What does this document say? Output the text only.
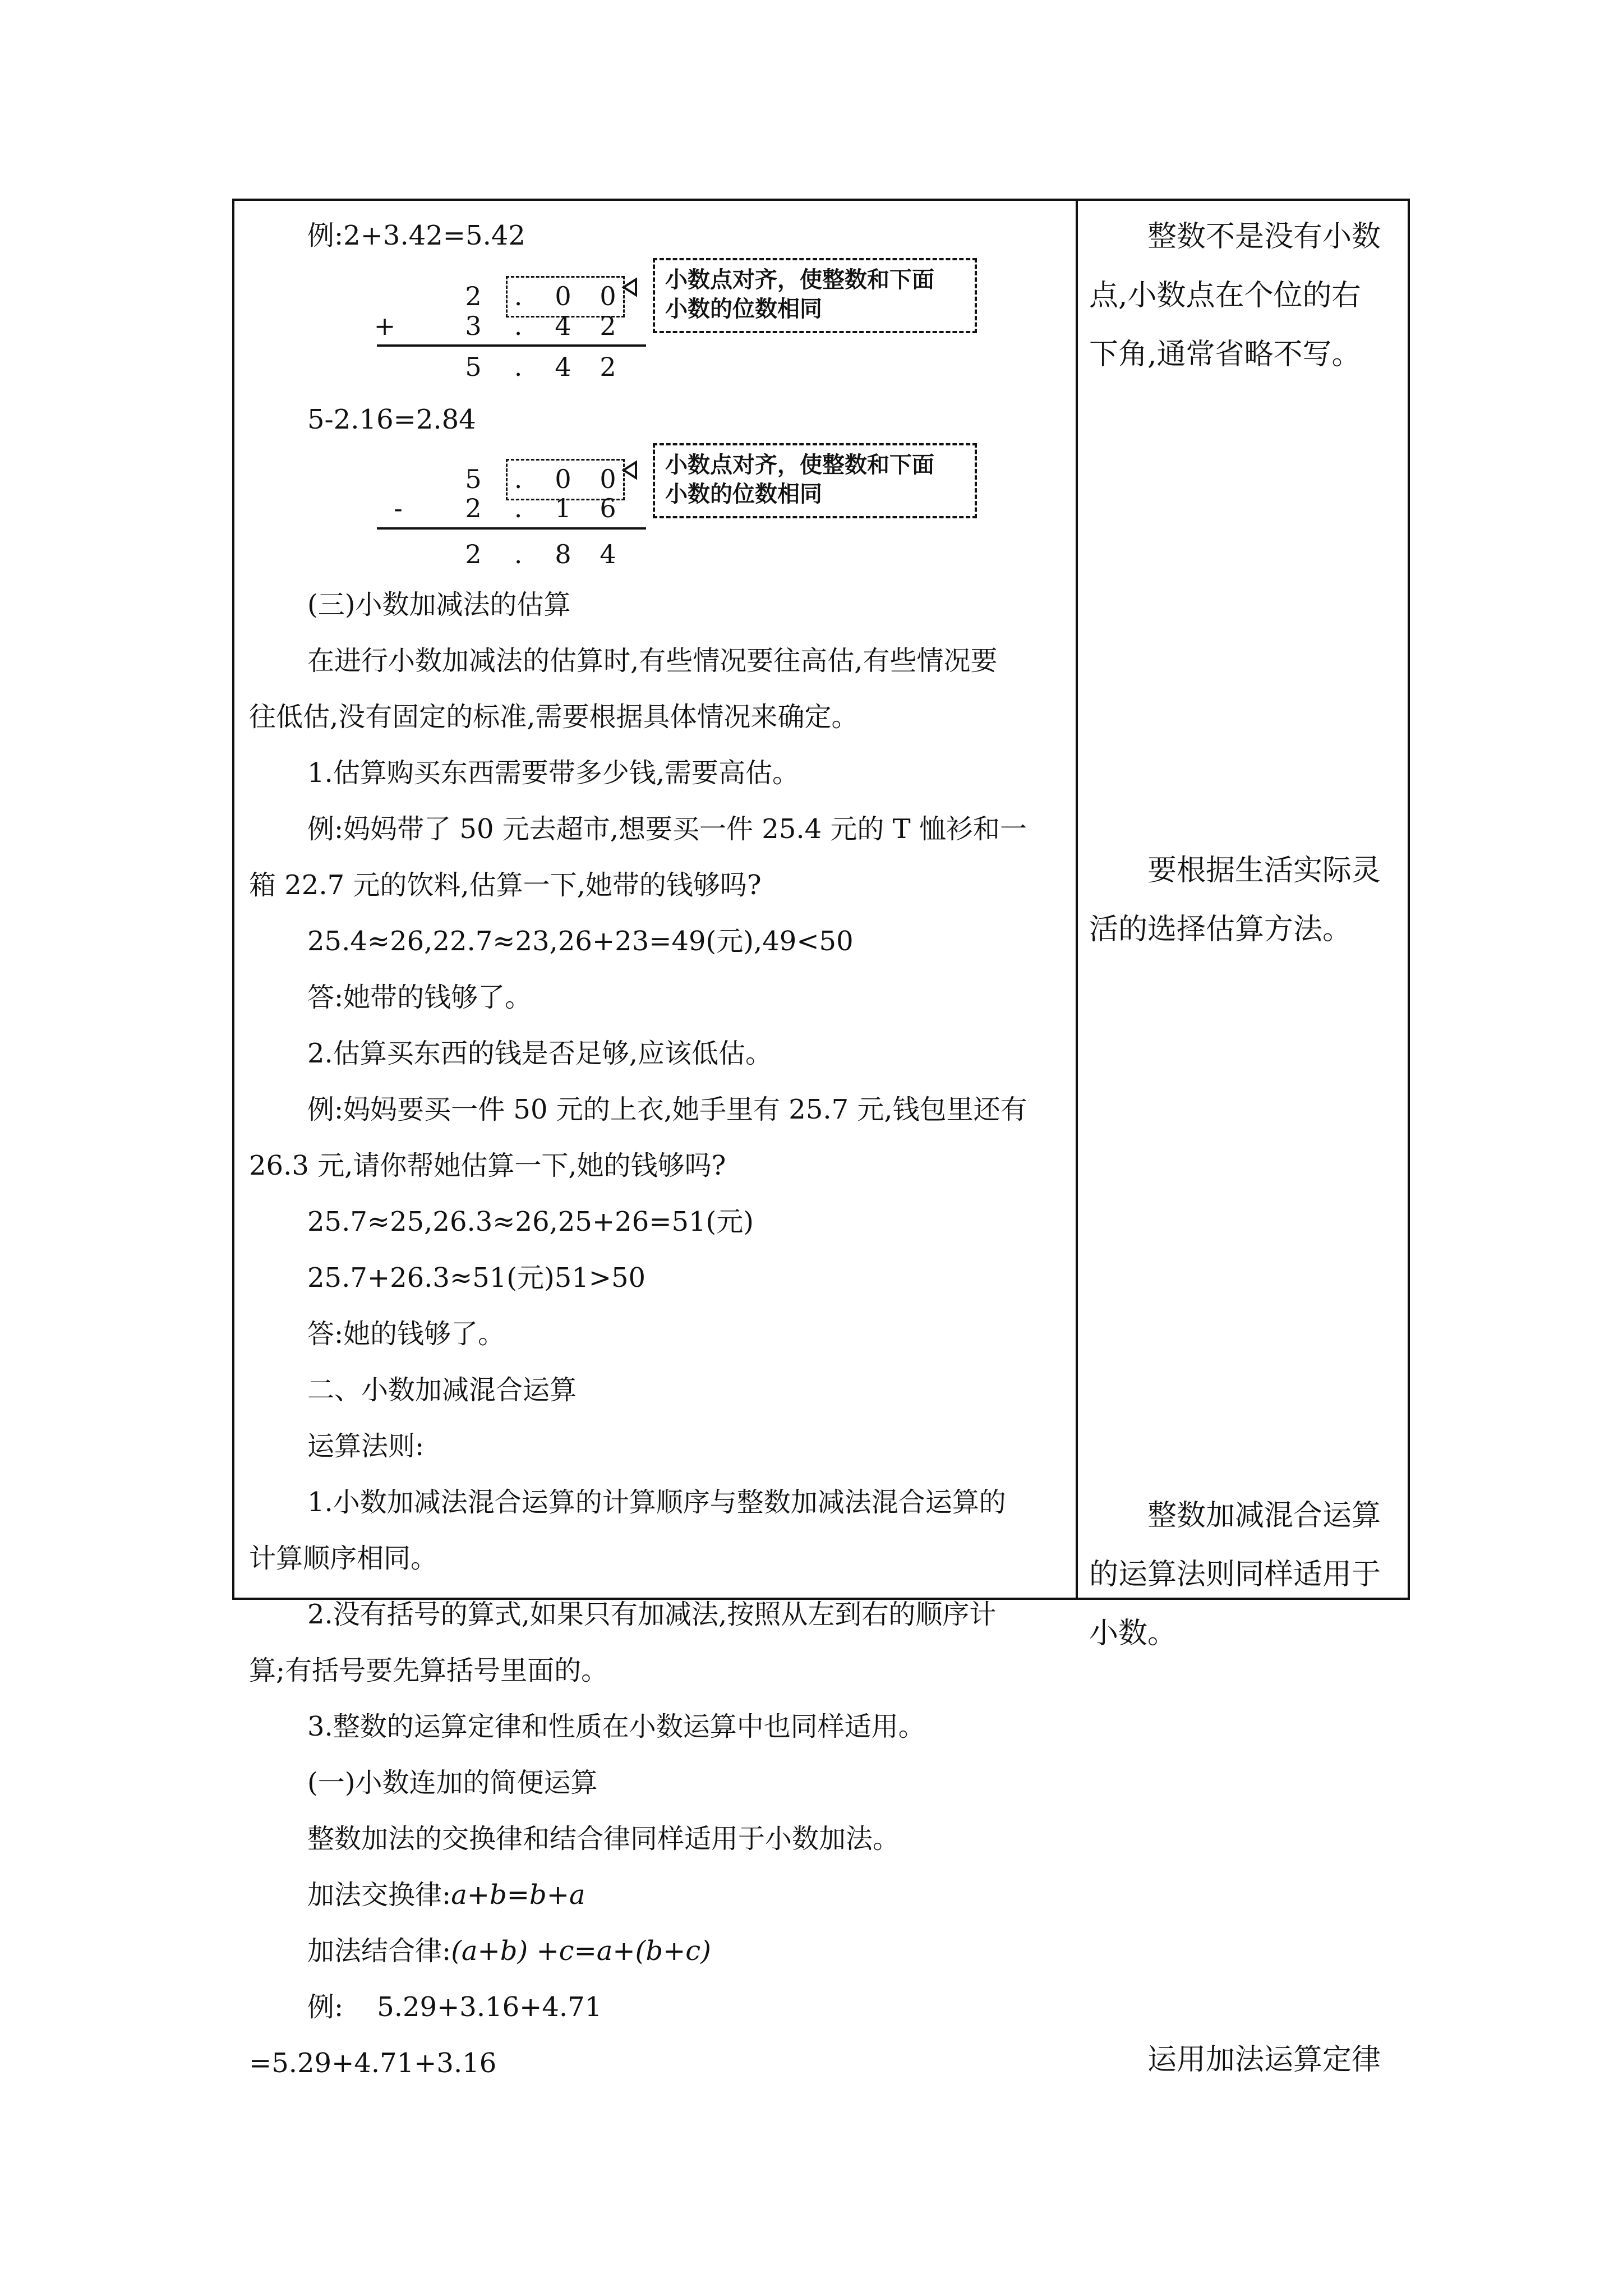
例:2+3.42=5.42
2 . 0 0
+	3 . 4 2
5 . 4 2
小数点对齐，使整数和下面
小数的位数相同
5-2.16=2.84
5 . 0 0
- 2 . 1 6
2 . 8 4
小数点对齐，使整数和下面
小数的位数相同
(三)小数加减法的估算
在进行小数加减法的估算时,有些情况要往高估,有些情况要
往低估,没有固定的标准,需要根据具体情况来确定。
1.估算购买东西需要带多少钱,需要高估。
例:妈妈带了 50 元去超市,想要买一件 25.4 元的 T 恤衫和一
箱 22.7 元的饮料,估算一下,她带的钱够吗?
25.4≈26,22.7≈23,26+23=49(元),49<50
答:她带的钱够了。
2.估算买东西的钱是否足够,应该低估。
例:妈妈要买一件 50 元的上衣,她手里有 25.7 元,钱包里还有
26.3 元,请你帮她估算一下,她的钱够吗?
25.7≈25,26.3≈26,25+26=51(元)
25.7+26.3≈51(元)51>50
答:她的钱够了。
二、小数加减混合运算
运算法则:
1.小数加减法混合运算的计算顺序与整数加减法混合运算的
计算顺序相同。
2.没有括号的算式,如果只有加减法,按照从左到右的顺序计
算;有括号要先算括号里面的。
3.整数的运算定律和性质在小数运算中也同样适用。
(一)小数连加的简便运算
整数加法的交换律和结合律同样适用于小数加法。
加法交换律:a+b=b+a
加法结合律:(a+b) +c=a+(b+c)
例: 5.29+3.16+4.71
=5.29+4.71+3.16
整数不是没有小数
点,小数点在个位的右
下角,通常省略不写。
要根据生活实际灵
活的选择估算方法。
整数加减混合运算
的运算法则同样适用于
小数。
运用加法运算定律
